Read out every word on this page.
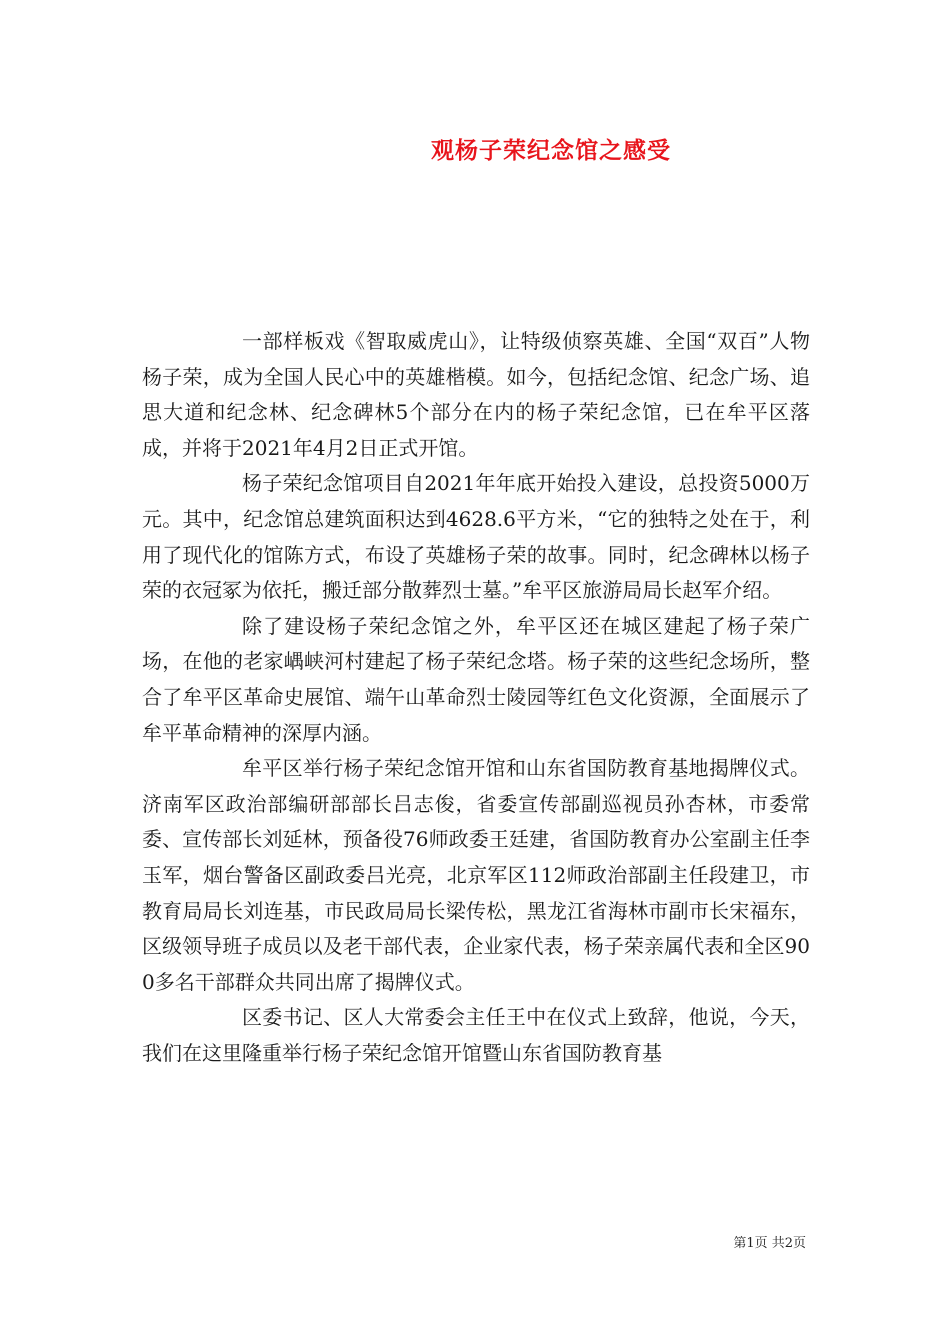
观杨子荣纪念馆之感受

一部样板戏《智取威虎山》，让特级侦察英雄、全国“双百”人物杨子荣，成为全国人民心中的英雄楷模。如今，包括纪念馆、纪念广场、追思大道和纪念林、纪念碑林5个部分在内的杨子荣纪念馆，已在牟平区落成，并将于2021年4月2日正式开馆。

杨子荣纪念馆项目自2021年年底开始投入建设，总投资5000万元。其中，纪念馆总建筑面积达到4628.6平方米，“它的独特之处在于，利用了现代化的馆陈方式，布设了英雄杨子荣的故事。同时，纪念碑林以杨子荣的衣冠冢为依托，搬迁部分散葬烈士墓。”牟平区旅游局局长赵军介绍。

除了建设杨子荣纪念馆之外，牟平区还在城区建起了杨子荣广场，在他的老家嵎峡河村建起了杨子荣纪念塔。杨子荣的这些纪念场所，整合了牟平区革命史展馆、端午山革命烈士陵园等红色文化资源，全面展示了牟平革命精神的深厚内涵。

牟平区举行杨子荣纪念馆开馆和山东省国防教育基地揭牌仪式。济南军区政治部编研部部长吕志俊，省委宣传部副巡视员孙杏林，市委常委、宣传部长刘延林，预备役76师政委王廷建，省国防教育办公室副主任李玉军，烟台警备区副政委吕光亮，北京军区112师政治部副主任段建卫，市教育局局长刘连基，市民政局局长梁传松，黑龙江省海林市副市长宋福东，区级领导班子成员以及老干部代表，企业家代表，杨子荣亲属代表和全区900多名干部群众共同出席了揭牌仪式。

区委书记、区人大常委会主任王中在仪式上致辞，他说，今天，我们在这里隆重举行杨子荣纪念馆开馆暨山东省国防教育基

第1页 共2页
